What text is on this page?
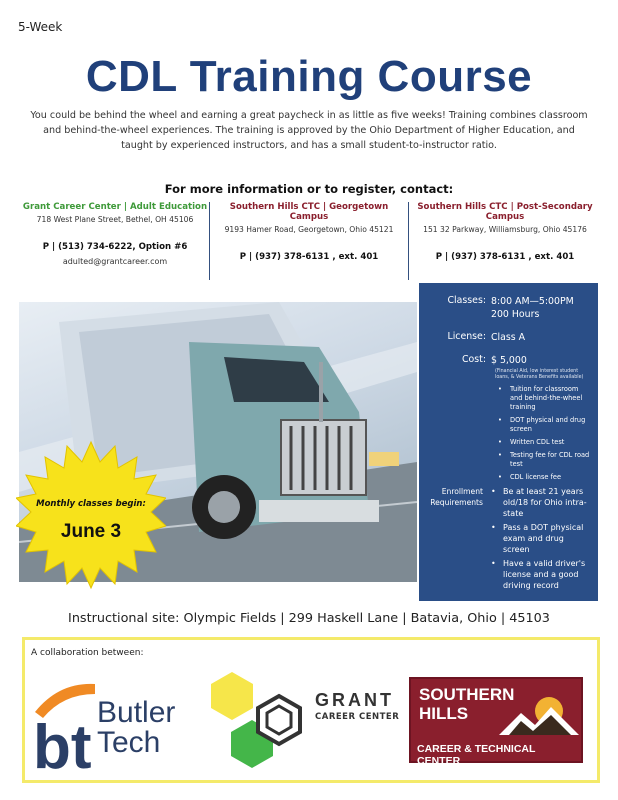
5-Week
CDL Training Course
You could be behind the wheel and earning a great paycheck in as little as five weeks! Training combines classroom and behind-the-wheel experiences. The training is approved by the Ohio Department of Higher Education, and taught by experienced instructors, and has a small student-to-instructor ratio.
For more information or to register, contact:
Grant Career Center | Adult Education
718 West Plane Street, Bethel, OH 45106
P | (513) 734-6222, Option #6
adulted@grantcareer.com
Southern Hills CTC | Georgetown Campus
9193 Hamer Road, Georgetown, Ohio 45121
P | (937) 378-6131 , ext. 401
Southern Hills CTC | Post-Secondary Campus
151 32 Parkway, Williamsburg, Ohio 45176
P | (937) 378-6131 , ext. 401
Classes: 8:00 AM—5:00PM
200 Hours
License: Class A
Cost: $ 5,000
(Financial Aid, low interest student loans, & Veterans Benefits available)
• Tuition for classroom and behind-the-wheel training
• DOT physical and drug screen
• Written CDL test
• Testing fee for CDL road test
• CDL license fee
Enrollment Requirements
• Be at least 21 years old/18 for Ohio intra-state
• Pass a DOT physical exam and drug screen
• Have a valid driver's license and a good driving record
Monthly classes begin:
June 3
Instructional site: Olympic Fields | 299 Haskell Lane | Batavia, Ohio | 45103
A collaboration between:
bt
Butler
Tech
GRANT
CAREER CENTER
SOUTHERN
HILLS
CAREER & TECHNICAL CENTER
